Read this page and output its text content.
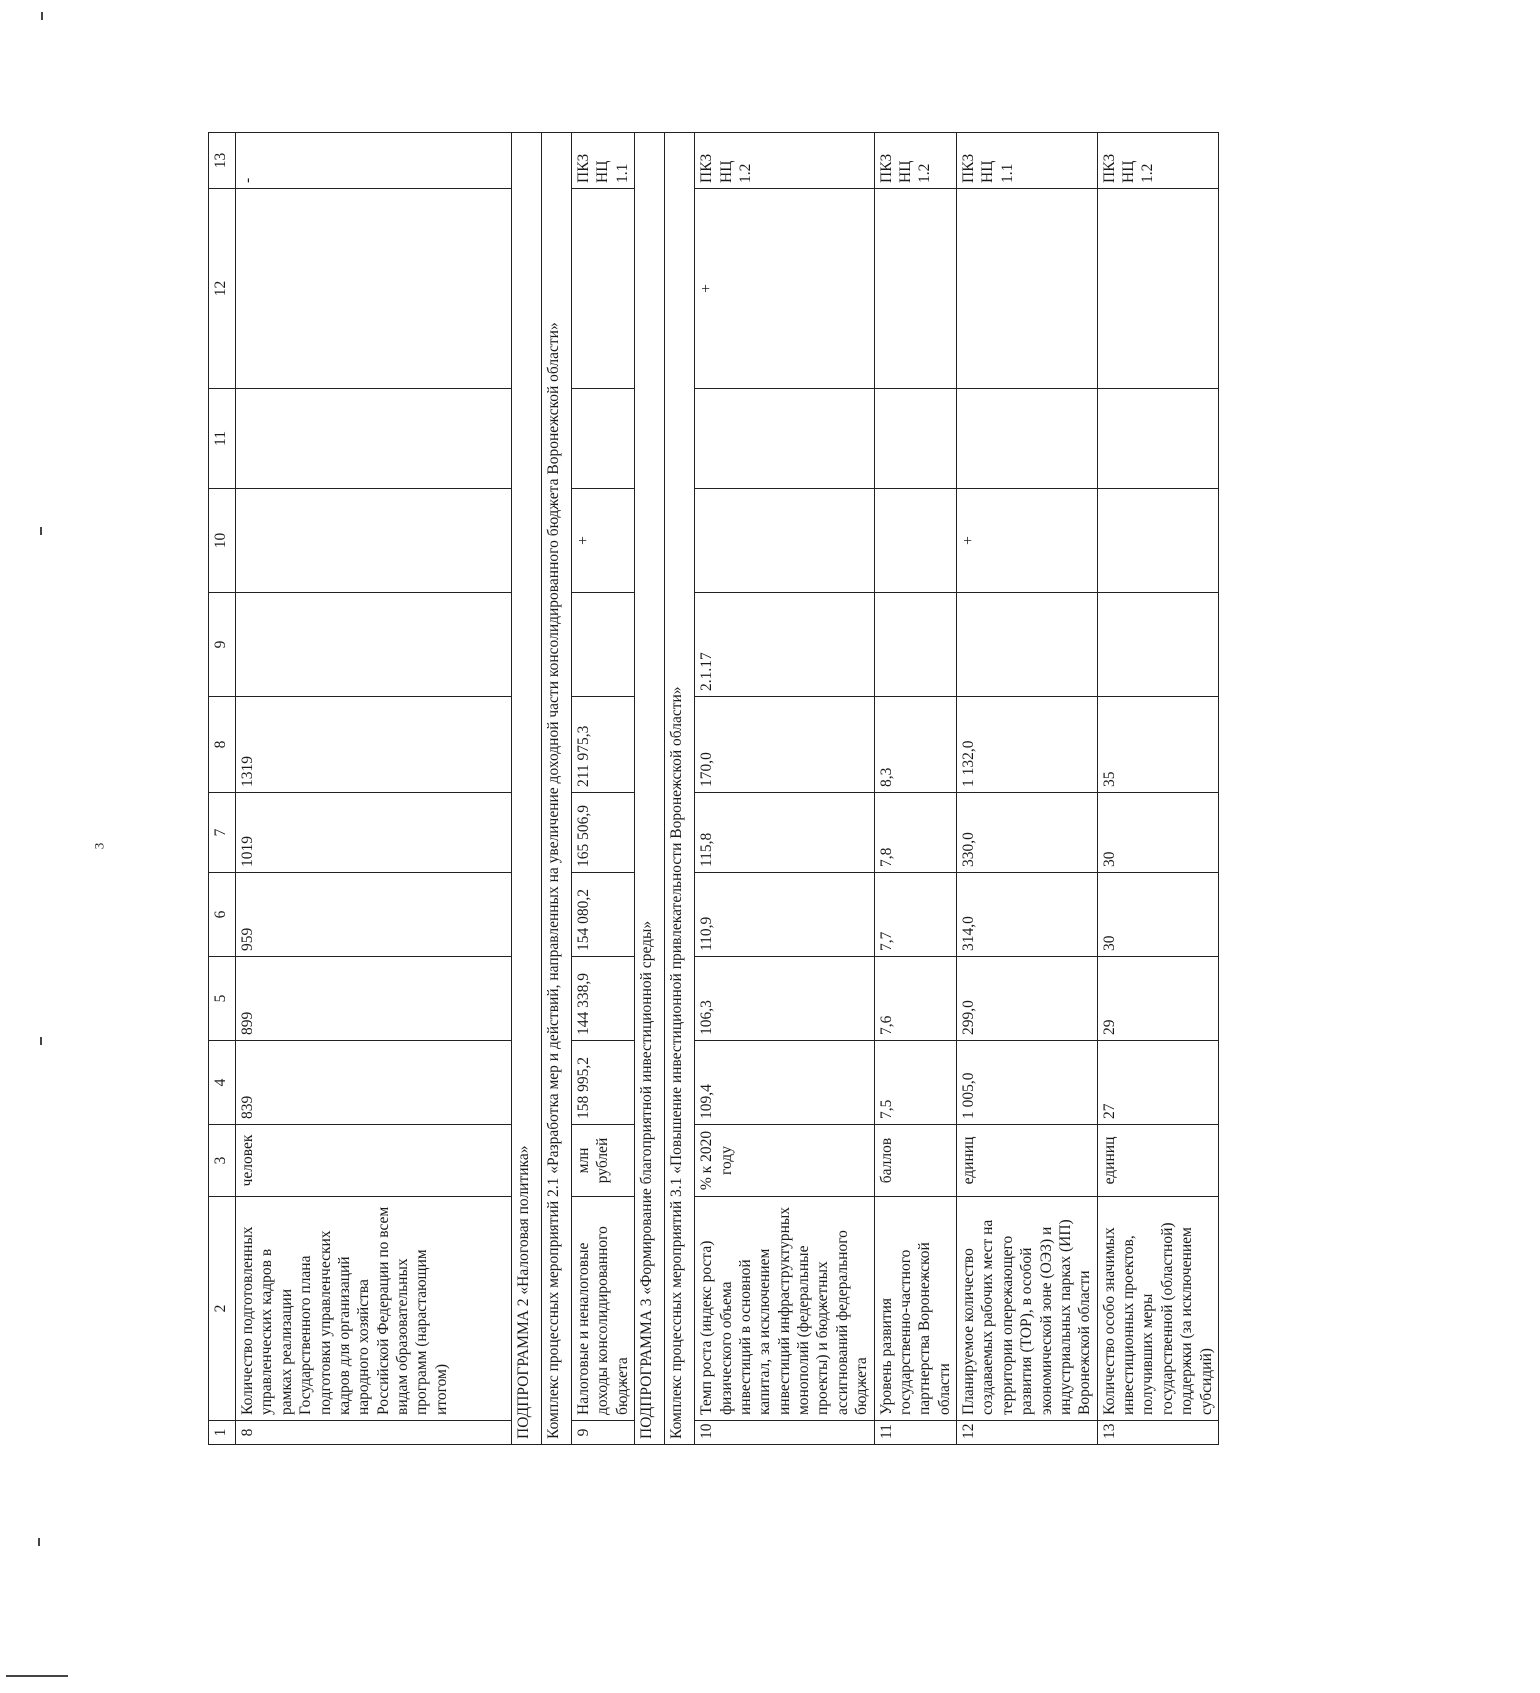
3
1	2	3	4	5	6	7	8	9	10	11	12	13
8	Количество подготовленных управленческих кадров в рамках реализации Государственного плана подготовки управленческих кадров для организаций народного хозяйства Российской Федерации по всем видам образовательных программ (нарастающим итогом)	человек	839	899	959	1019	1319					-
ПОДПРОГРАММА 2 «Налоговая политика»												
Комплекс процессных мероприятий 2.1 «Разработка мер и действий, направленных на увеличение доходной части консолидированного бюджета Воронежской области»												
9	Налоговые и неналоговые доходы консолидированного бюджета	млн рублей	158 995,2	144 338,9	154 080,2	165 506,9	211 975,3		+			ПКЗ НЦ 1.1
ПОДПРОГРАММА 3 «Формирование благоприятной инвестиционной среды»												
Комплекс процессных мероприятий 3.1 «Повышение инвестиционной привлекательности Воронежской области»												
10	Темп роста (индекс роста) физического объема инвестиций в основной капитал, за исключением инвестиций инфраструктурных монополий (федеральные проекты) и бюджетных ассигнований федерального бюджета	% к 2020 году	109,4	106,3	110,9	115,8	170,0	2.1.17			+	ПКЗ НЦ 1.2
11	Уровень развития государственно-частного партнерства Воронежской области	баллов	7,5	7,6	7,7	7,8	8,3					ПКЗ НЦ 1.2
12	Планируемое количество создаваемых рабочих мест на территории опережающего развития (ТОР), в особой экономической зоне (ОЭЗ) и индустриальных парках (ИП) Воронежской области	единиц	1 005,0	299,0	314,0	330,0	1 132,0		+			ПКЗ НЦ 1.1
13	Количество особо значимых инвестиционных проектов, получивших меры государственной (областной) поддержки (за исключением субсидий)	единиц	27	29	30	30	35					ПКЗ НЦ 1.2
